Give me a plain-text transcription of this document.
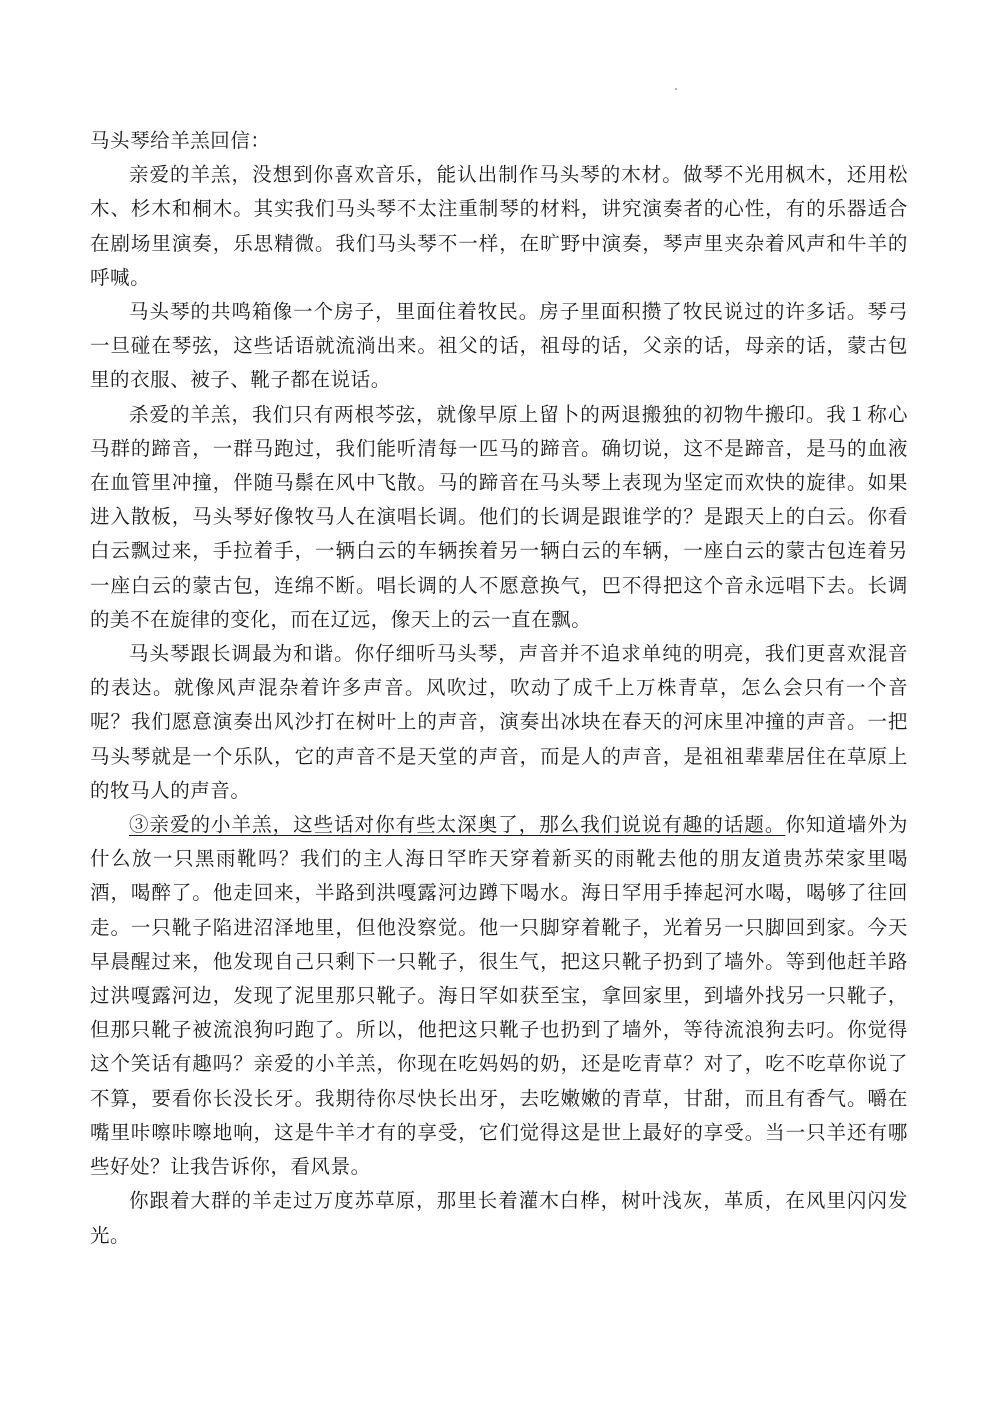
马头琴给羊羔回信：

亲爱的羊羔，没想到你喜欢音乐，能认出制作马头琴的木材。做琴不光用枫木，还用松木、杉木和桐木。其实我们马头琴不太注重制琴的材料，讲究演奏者的心性，有的乐器适合在剧场里演奏，乐思精微。我们马头琴不一样，在旷野中演奏，琴声里夹杂着风声和牛羊的呼喊。

马头琴的共鸣箱像一个房子，里面住着牧民。房子里面积攒了牧民说过的许多话。琴弓一旦碰在琴弦，这些话语就流淌出来。祖父的话，祖母的话，父亲的话，母亲的话，蒙古包里的衣服、被子、靴子都在说话。

杀爱的羊羔，我们只有两根芩弦，就像早原上留卜的两退搬独的初物牛搬印。我１称心马群的蹄音，一群马跑过，我们能听清每一匹马的蹄音。确切说，这不是蹄音，是马的血液在血管里冲撞，伴随马鬃在风中飞散。马的蹄音在马头琴上表现为坚定而欢快的旋律。如果进入散板，马头琴好像牧马人在演唱长调。他们的长调是跟谁学的？是跟天上的白云。你看白云飘过来，手拉着手，一辆白云的车辆挨着另一辆白云的车辆，一座白云的蒙古包连着另一座白云的蒙古包，连绵不断。唱长调的人不愿意换气，巴不得把这个音永远唱下去。长调的美不在旋律的变化，而在辽远，像天上的云一直在飘。

马头琴跟长调最为和谐。你仔细听马头琴，声音并不追求单纯的明亮，我们更喜欢混音的表达。就像风声混杂着许多声音。风吹过，吹动了成千上万株青草，怎么会只有一个音呢？我们愿意演奏出风沙打在树叶上的声音，演奏出冰块在春天的河床里冲撞的声音。一把马头琴就是一个乐队，它的声音不是天堂的声音，而是人的声音，是祖祖辈辈居住在草原上的牧马人的声音。

③亲爱的小羊羔，这些话对你有些太深奥了，那么我们说说有趣的话题。你知道墙外为什么放一只黑雨靴吗？我们的主人海日罕昨天穿着新买的雨靴去他的朋友道贵苏荣家里喝酒，喝醉了。他走回来，半路到洪嘎露河边蹲下喝水。海日罕用手捧起河水喝，喝够了往回走。一只靴子陷进沼泽地里，但他没察觉。他一只脚穿着靴子，光着另一只脚回到家。今天早晨醒过来，他发现自己只剩下一只靴子，很生气，把这只靴子扔到了墙外。等到他赶羊路过洪嘎露河边，发现了泥里那只靴子。海日罕如获至宝，拿回家里，到墙外找另一只靴子，但那只靴子被流浪狗叼跑了。所以，他把这只靴子也扔到了墙外，等待流浪狗去叼。你觉得这个笑话有趣吗？亲爱的小羊羔，你现在吃妈妈的奶，还是吃青草？对了，吃不吃草你说了不算，要看你长没长牙。我期待你尽快长出牙，去吃嫩嫩的青草，甘甜，而且有香气。嚼在嘴里咔嚓咔嚓地响，这是牛羊才有的享受，它们觉得这是世上最好的享受。当一只羊还有哪些好处？让我告诉你，看风景。

你跟着大群的羊走过万度苏草原，那里长着灌木白桦，树叶浅灰，革质，在风里闪闪发光。
